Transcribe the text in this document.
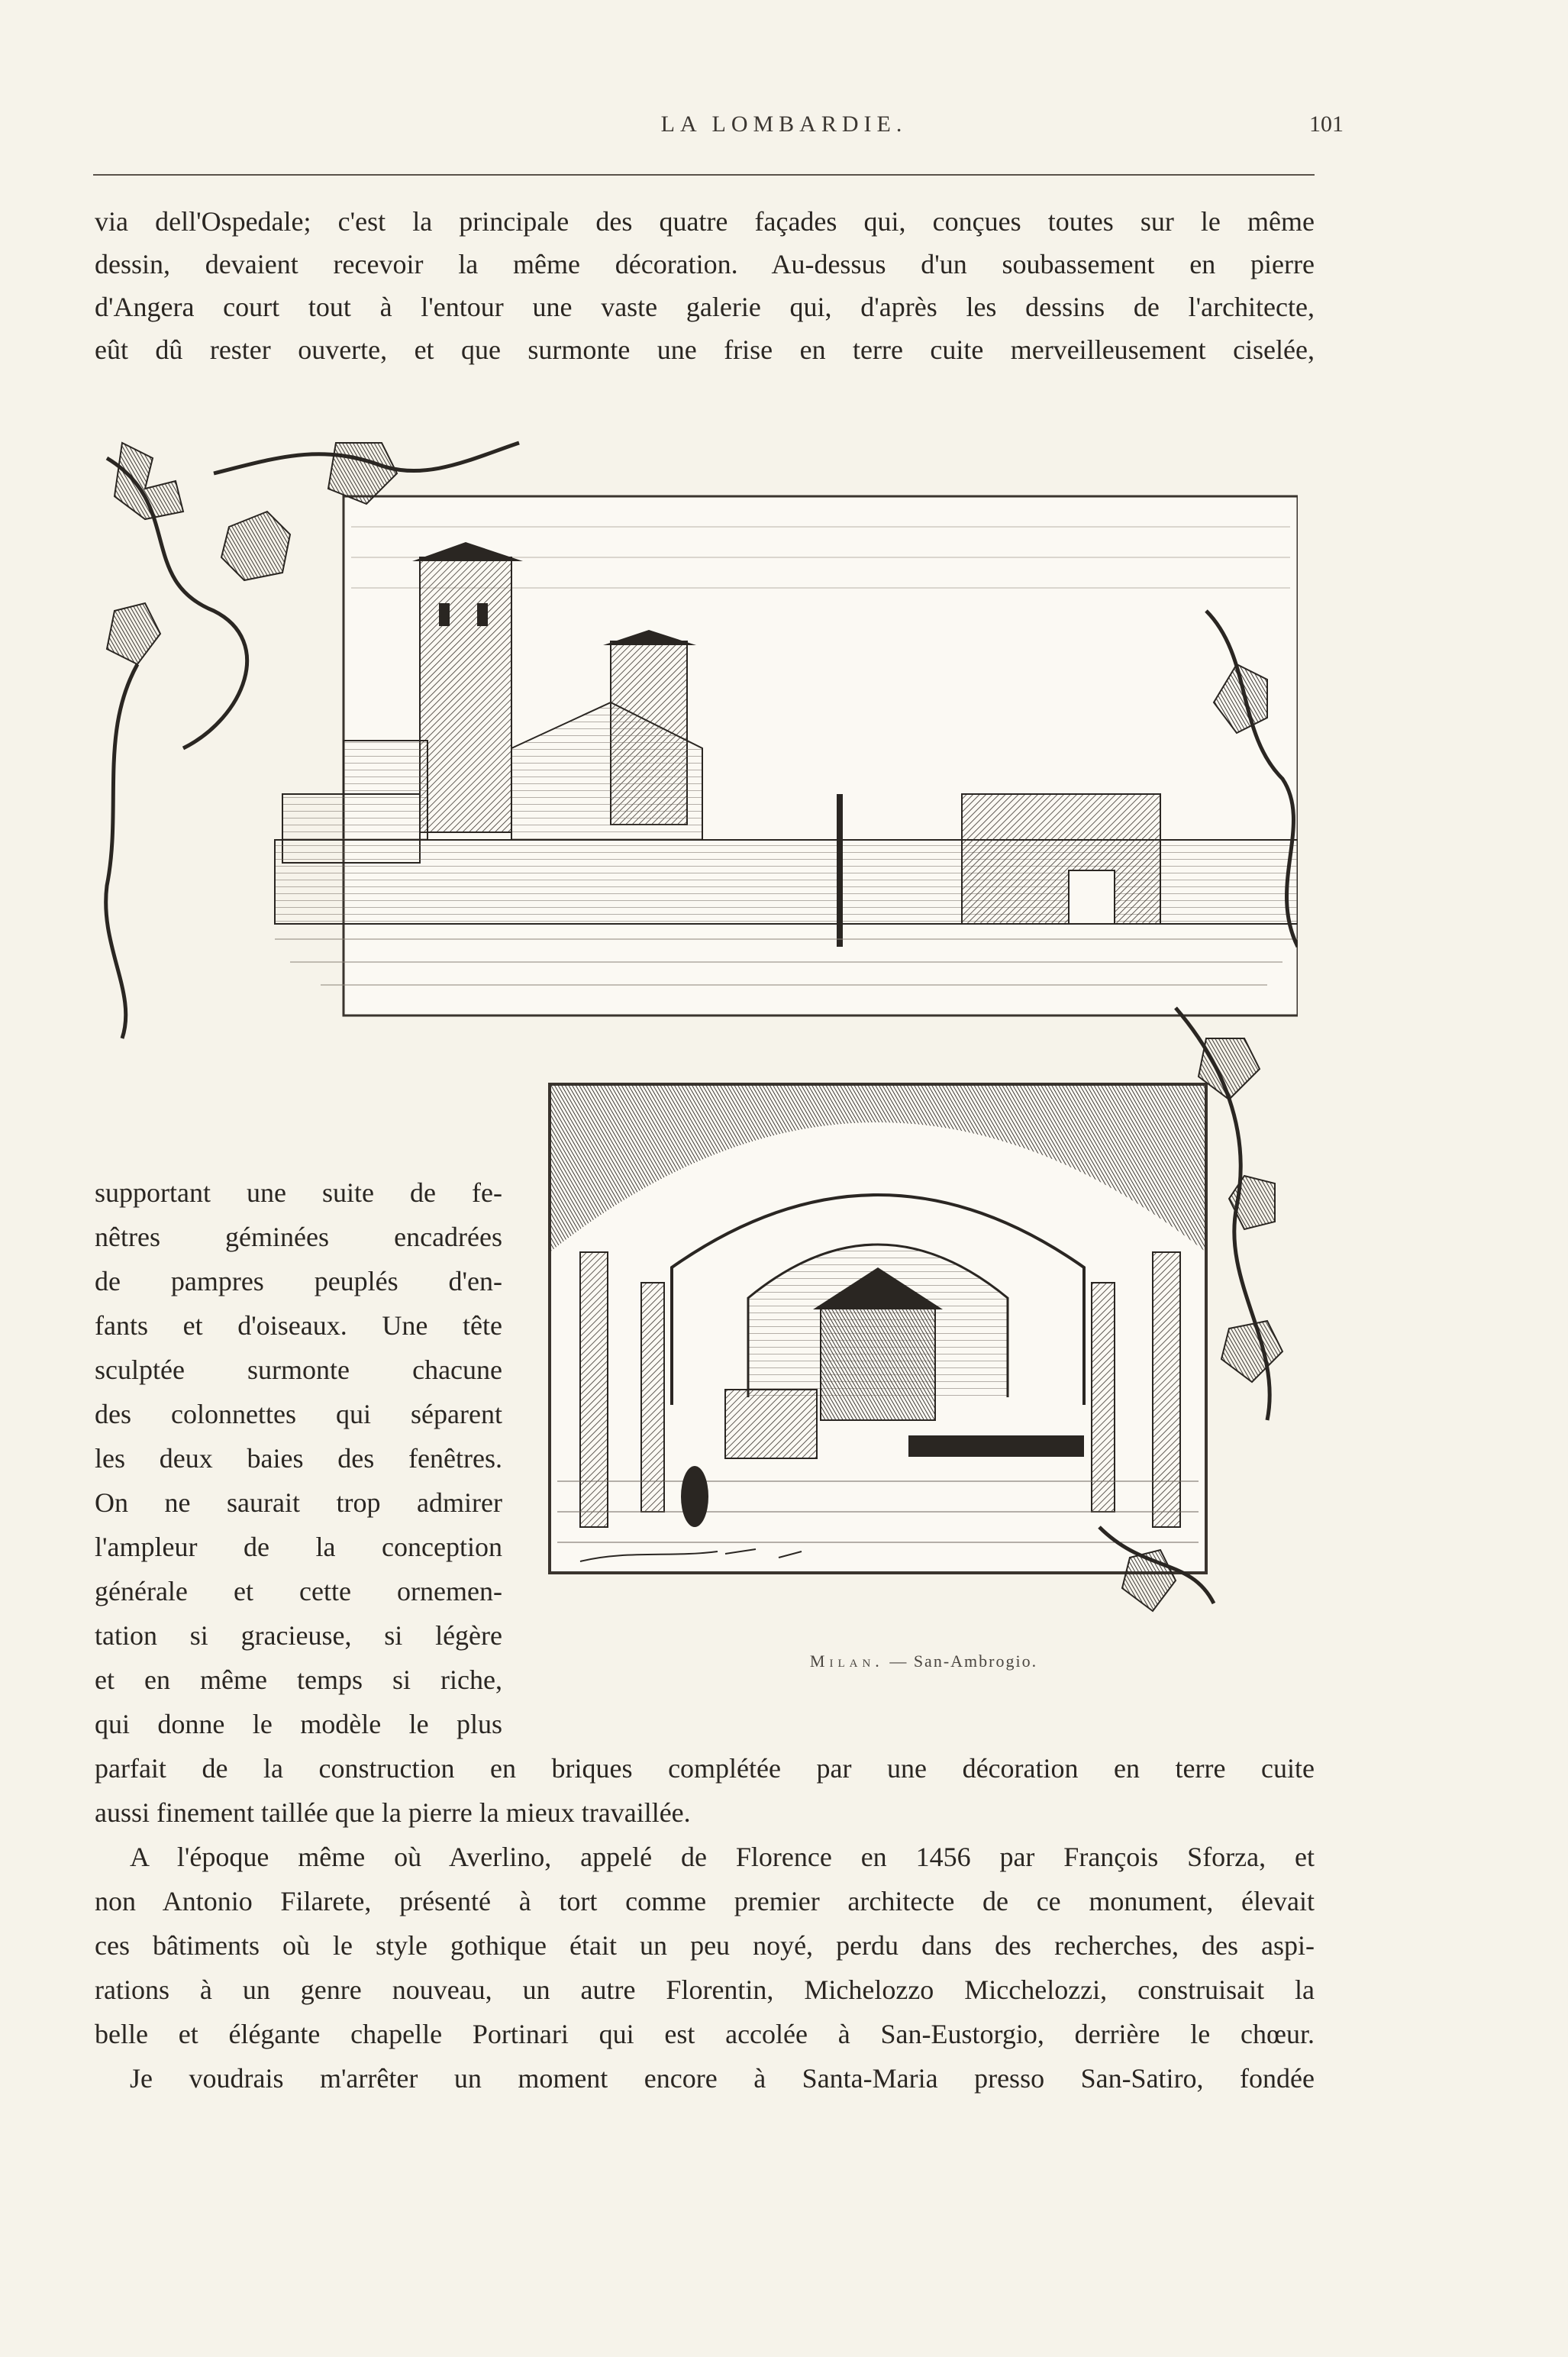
LA LOMBARDIE.	101
via dell'Ospedale; c'est la principale des quatre façades qui, conçues toutes sur le même
dessin, devaient recevoir la même décoration. Au-dessus d'un soubassement en pierre
d'Angera court tout à l'entour une vaste galerie qui, d'après les dessins de l'architecte,
eût dû rester ouverte, et que surmonte une frise en terre cuite merveilleusement ciselée,
supportant une suite de fe-
nêtres géminées encadrées
de pampres peuplés d'en-
fants et d'oiseaux. Une tête
sculptée surmonte chacune
des colonnettes qui séparent
les deux baies des fenêtres.
On ne saurait trop admirer
l'ampleur de la conception
générale et cette ornemen-
tation si gracieuse, si légère
et en même temps si riche,
qui donne le modèle le plus
Milan. — San-Ambrogio.
parfait de la construction en briques complétée par une décoration en terre cuite
aussi finement taillée que la pierre la mieux travaillée.
A l'époque même où Averlino, appelé de Florence en 1456 par François Sforza, et
non Antonio Filarete, présenté à tort comme premier architecte de ce monument, élevait
ces bâtiments où le style gothique était un peu noyé, perdu dans des recherches, des aspi-
rations à un genre nouveau, un autre Florentin, Michelozzo Micchelozzi, construisait la
belle et élégante chapelle Portinari qui est accolée à San-Eustorgio, derrière le chœur.
Je voudrais m'arrêter un moment encore à Santa-Maria presso San-Satiro, fondée
